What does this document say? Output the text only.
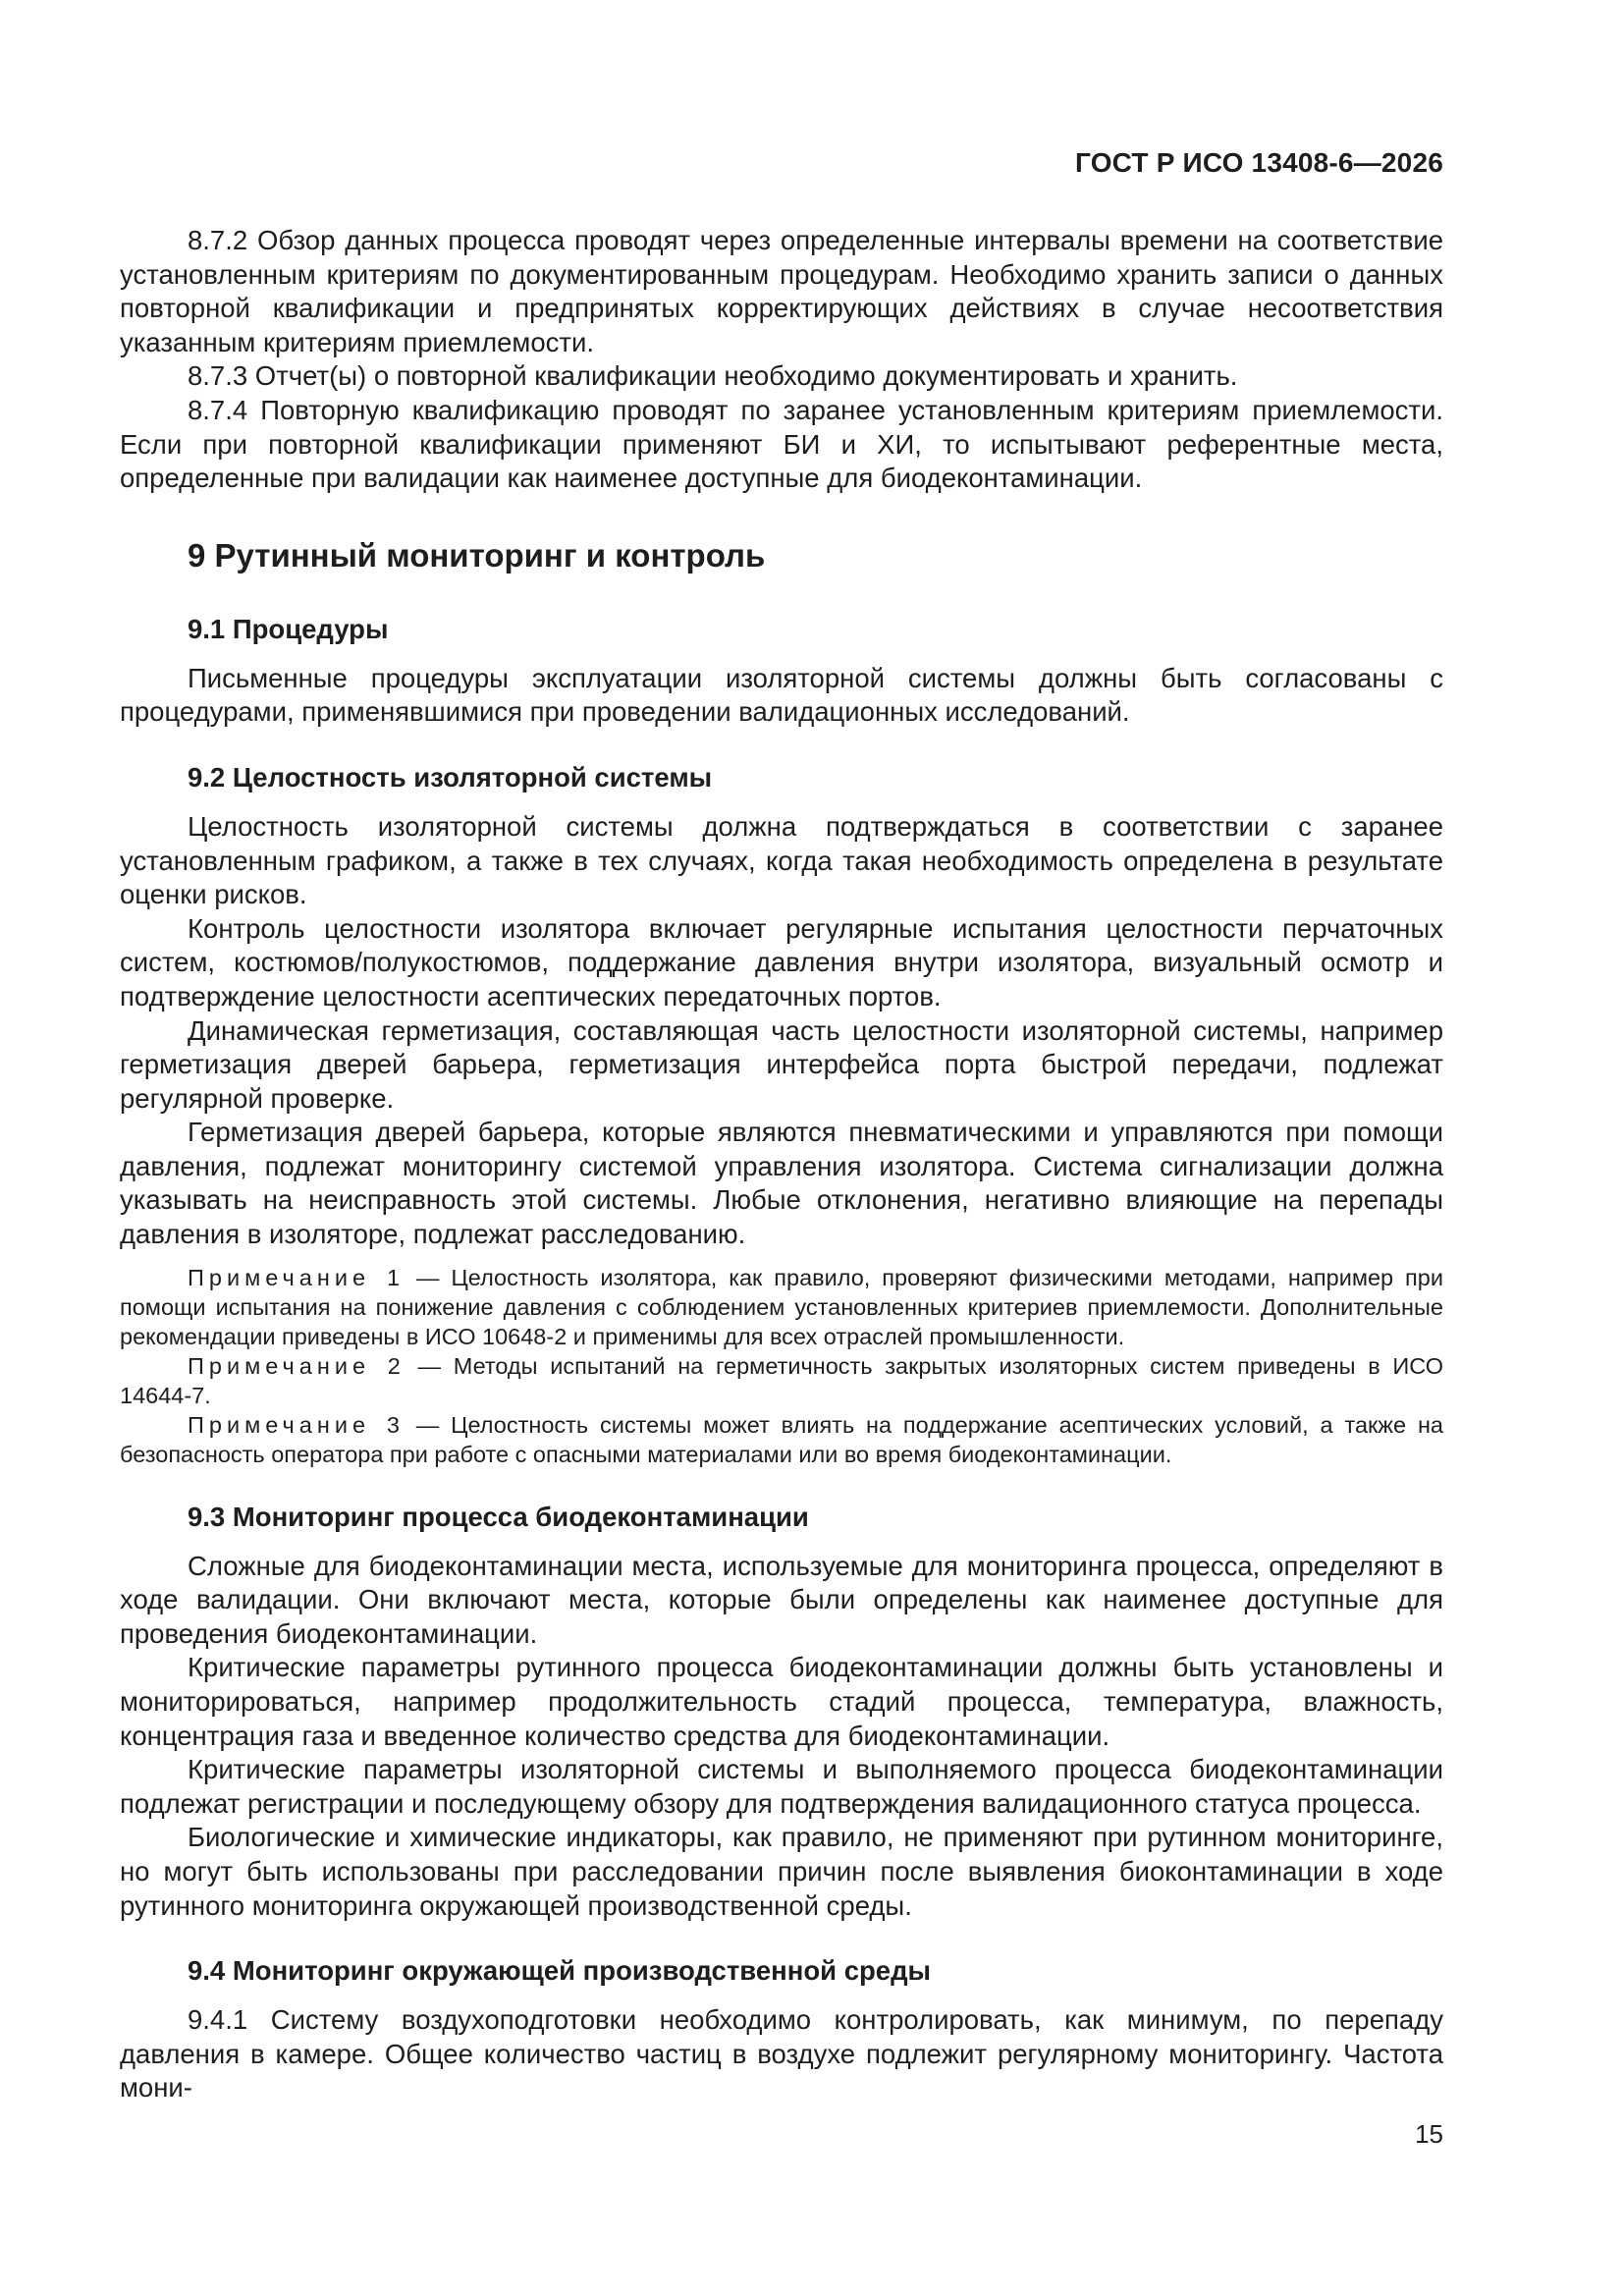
ГОСТ Р ИСО 13408-6—2026

8.7.2 Обзор данных процесса проводят через определенные интервалы времени на соответствие установленным критериям по документированным процедурам. Необходимо хранить записи о данных повторной квалификации и предпринятых корректирующих действиях в случае несоответствия указанным критериям приемлемости.

8.7.3 Отчет(ы) о повторной квалификации необходимо документировать и хранить.

8.7.4 Повторную квалификацию проводят по заранее установленным критериям приемлемости. Если при повторной квалификации применяют БИ и ХИ, то испытывают референтные места, определенные при валидации как наименее доступные для биодеконтаминации.

9 Рутинный мониторинг и контроль
9.1 Процедуры

Письменные процедуры эксплуатации изоляторной системы должны быть согласованы с процедурами, применявшимися при проведении валидационных исследований.

9.2 Целостность изоляторной системы

Целостность изоляторной системы должна подтверждаться в соответствии с заранее установленным графиком, а также в тех случаях, когда такая необходимость определена в результате оценки рисков.

Контроль целостности изолятора включает регулярные испытания целостности перчаточных систем, костюмов/полукостюмов, поддержание давления внутри изолятора, визуальный осмотр и подтверждение целостности асептических передаточных портов.

Динамическая герметизация, составляющая часть целостности изоляторной системы, например герметизация дверей барьера, герметизация интерфейса порта быстрой передачи, подлежат регулярной проверке.

Герметизация дверей барьера, которые являются пневматическими и управляются при помощи давления, подлежат мониторингу системой управления изолятора. Система сигнализации должна указывать на неисправность этой системы. Любые отклонения, негативно влияющие на перепады давления в изоляторе, подлежат расследованию.

Примечание 1 — Целостность изолятора, как правило, проверяют физическими методами, например при помощи испытания на понижение давления с соблюдением установленных критериев приемлемости. Дополнительные рекомендации приведены в ИСО 10648-2 и применимы для всех отраслей промышленности.

Примечание 2 — Методы испытаний на герметичность закрытых изоляторных систем приведены в ИСО 14644-7.

Примечание 3 — Целостность системы может влиять на поддержание асептических условий, а также на безопасность оператора при работе с опасными материалами или во время биодеконтаминации.

9.3 Мониторинг процесса биодеконтаминации

Сложные для биодеконтаминации места, используемые для мониторинга процесса, определяют в ходе валидации. Они включают места, которые были определены как наименее доступные для проведения биодеконтаминации.

Критические параметры рутинного процесса биодеконтаминации должны быть установлены и мониторироваться, например продолжительность стадий процесса, температура, влажность, концентрация газа и введенное количество средства для биодеконтаминации.

Критические параметры изоляторной системы и выполняемого процесса биодеконтаминации подлежат регистрации и последующему обзору для подтверждения валидационного статуса процесса.

Биологические и химические индикаторы, как правило, не применяют при рутинном мониторинге, но могут быть использованы при расследовании причин после выявления биоконтаминации в ходе рутинного мониторинга окружающей производственной среды.

9.4 Мониторинг окружающей производственной среды

9.4.1 Систему воздухоподготовки необходимо контролировать, как минимум, по перепаду давления в камере. Общее количество частиц в воздухе подлежит регулярному мониторингу. Частота мони-

15
